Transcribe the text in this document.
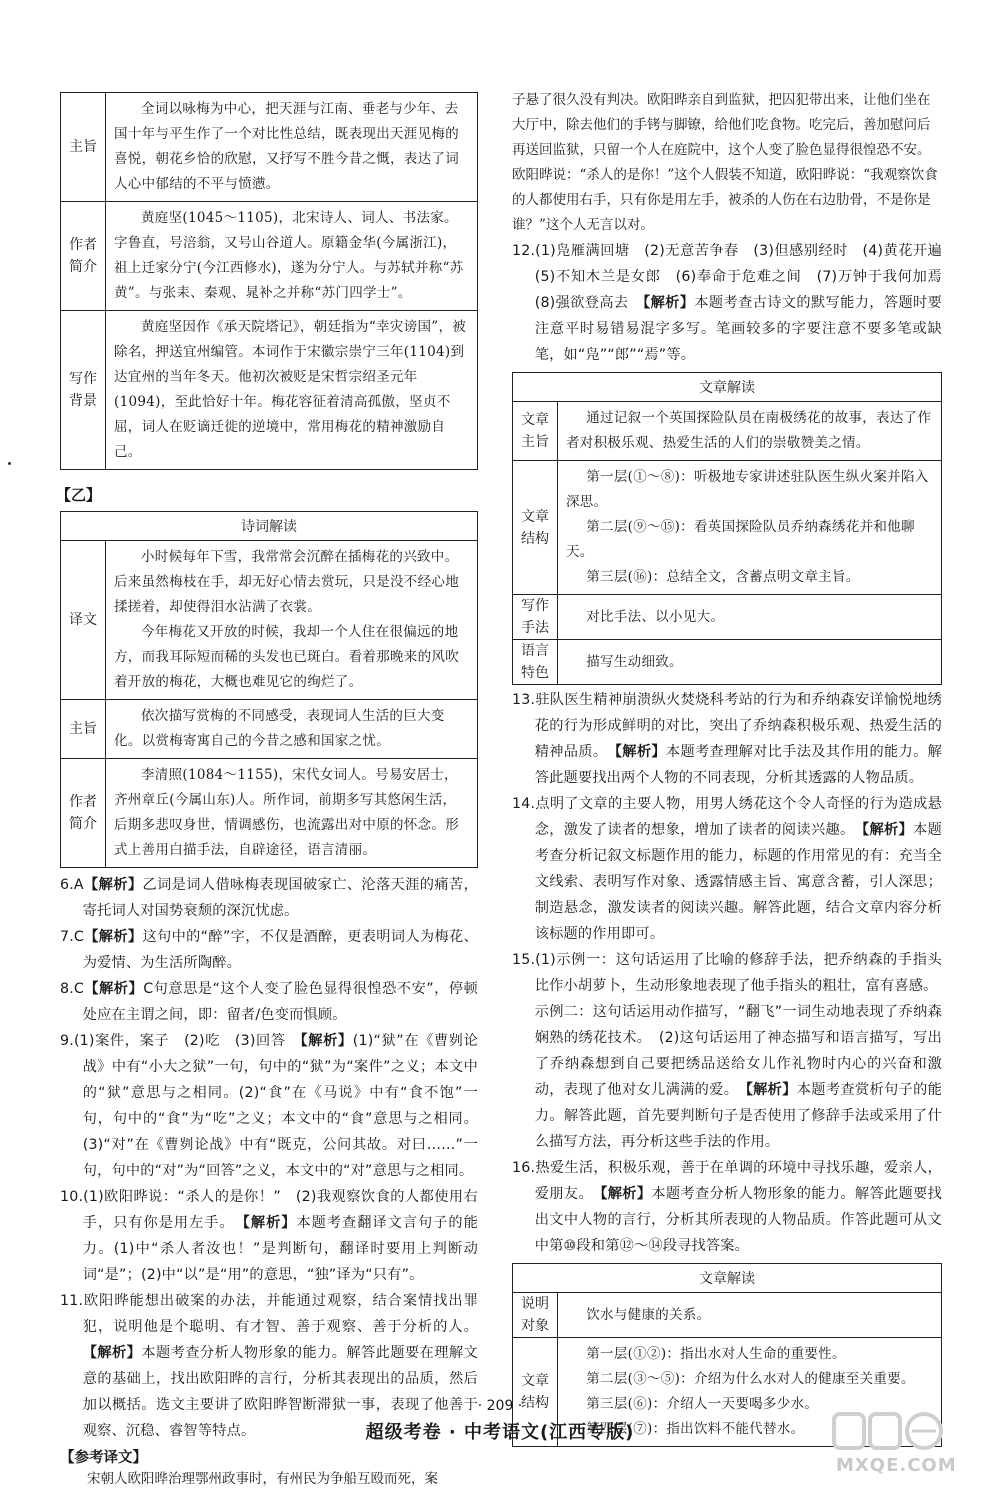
主旨	全词以咏梅为中心，把天涯与江南、垂老与少年、去国十年与平生作了一个对比性总结，既表现出天涯见梅的喜悦，朝花乡恰的欣慰，又抒写不胜今昔之慨，表达了词人心中郁结的不平与愤懑。

作者简介	黄庭坚(1045～1105)，北宋诗人、词人、书法家。字鲁直，号涪翁，又号山谷道人。原籍金华(今属浙江)，祖上迁家分宁(今江西修水)，遂为分宁人。与苏轼并称“苏黄”。与张耒、秦观、晁补之并称“苏门四学士”。

写作背景	黄庭坚因作《承天院塔记》，朝廷指为“幸灾谤国”，被除名，押送宜州编管。本词作于宋徽宗崇宁三年(1104)到达宜州的当年冬天。他初次被贬是宋哲宗绍圣元年(1094)，至此恰好十年。梅花容征着清高孤傲，坚贞不屈，词人在贬谪迁徙的逆境中，常用梅花的精神激励自己。

【乙】
诗词解读	
译文	小时候每年下雪，我常常会沉醉在插梅花的兴致中。后来虽然梅枝在手，却无好心情去赏玩，只是没不经心地揉搓着，却使得泪水沾满了衣裳。

今年梅花又开放的时候，我却一个人住在很偏远的地方，而我耳际短而稀的头发也已斑白。看着那晚来的风吹着开放的梅花，大概也难见它的绚烂了。

主旨	依次描写赏梅的不同感受，表现词人生活的巨大变化。以赏梅寄寓自己的今昔之感和国家之忧。

作者简介	李清照(1084～1155)，宋代女词人。号易安居士，齐州章丘(今属山东)人。所作词，前期多写其悠闲生活，后期多悲叹身世，情调感伤，也流露出对中原的怀念。形式上善用白描手法，自辟途径，语言清丽。

6.A【解析】乙词是词人借咏梅表现国破家亡、沦落天涯的痛苦，寄托词人对国势衰颓的深沉忧虑。

7.C【解析】这句中的“醉”字，不仅是酒醉，更表明词人为梅花、为爱情、为生活所陶醉。

8.C【解析】C句意思是“这个人变了脸色显得很惶恐不安”，停顿处应在主谓之间，即：留者/色变而惧顾。

9.(1)案件，案子　(2)吃　(3)回答　【解析】(1)“狱”在《曹刿论战》中有“小大之狱”一句，句中的“狱”为“案件”之义；本文中的“狱”意思与之相同。(2)“食”在《马说》中有“食不饱”一句，句中的“食”为“吃”之义；本文中的“食”意思与之相同。(3)“对”在《曹刿论战》中有“既克，公问其故。对曰……”一句，句中的“对”为“回答”之义，本文中的“对”意思与之相同。

10.(1)欧阳晔说：“杀人的是你！”　(2)我观察饮食的人都使用右手，只有你是用左手。　【解析】本题考查翻译文言句子的能力。(1)中“杀人者汝也！”是判断句，翻译时要用上判断动词“是”；(2)中“以”是“用”的意思，“独”译为“只有”。

11.欧阳晔能想出破案的办法，并能通过观察，结合案情找出罪犯，说明他是个聪明、有才智、善于观察、善于分析的人。【解析】本题考查分析人物形象的能力。解答此题要在理解文意的基础上，找出欧阳晔的言行，分析其表现出的品质，然后加以概括。选文主要讲了欧阳晔智断滞狱一事，表现了他善于观察、沉稳、睿智等特点。

【参考译文】

宋朝人欧阳晔治理鄂州政事时，有州民为争船互殴而死，案

子悬了很久没有判决。欧阳晔亲自到监狱，把囚犯带出来，让他们坐在大厅中，除去他们的手铐与脚镣，给他们吃食物。吃完后，善加慰问后再送回监狱，只留一个人在庭院中，这个人变了脸色显得很惶恐不安。欧阳晔说：“杀人的是你！”这个人假装不知道，欧阳晔说：“我观察饮食的人都使用右手，只有你是用左手，被杀的人伤在右边肋骨，不是你是谁？”这个人无言以对。

12.(1)凫雁满回塘　(2)无意苦争春　(3)但感别经时　(4)黄花开遍　(5)不知木兰是女郎　(6)奉命于危难之间　(7)万钟于我何加焉　(8)强欲登高去　【解析】本题考查古诗文的默写能力，答题时要注意平时易错易混字多写。笔画较多的字要注意不要多笔或缺笔，如“凫”“郎”“焉”等。

文章解读	
文章主旨	通过记叙一个英国探险队员在南极绣花的故事，表达了作者对积极乐观、热爱生活的人们的崇敬赞美之情。

文章结构	第一层(①～⑧)：听极地专家讲述驻队医生纵火案并陷入深思。

第二层(⑨～⑮)：看英国探险队员乔纳森绣花并和他聊天。

第三层(⑯)：总结全文，含蓄点明文章主旨。

写作手法	对比手法、以小见大。

语言特色	描写生动细致。

13.驻队医生精神崩溃纵火焚烧科考站的行为和乔纳森安详愉悦地绣花的行为形成鲜明的对比，突出了乔纳森积极乐观、热爱生活的精神品质。　【解析】本题考查理解对比手法及其作用的能力。解答此题要找出两个人物的不同表现，分析其透露的人物品质。

14.点明了文章的主要人物，用男人绣花这个令人奇怪的行为造成悬念，激发了读者的想象，增加了读者的阅读兴趣。　【解析】本题考查分析记叙文标题作用的能力，标题的作用常见的有：充当全文线索、表明写作对象、透露情感主旨、寓意含蓄，引人深思；制造悬念，激发读者的阅读兴趣。解答此题，结合文章内容分析该标题的作用即可。

15.(1)示例一：这句话运用了比喻的修辞手法，把乔纳森的手指头比作小胡萝卜，生动形象地表现了他手指头的粗壮，富有喜感。

示例二：这句话运用动作描写，“翻飞”一词生动地表现了乔纳森娴熟的绣花技术。　(2)这句话运用了神态描写和语言描写，写出了乔纳森想到自己要把绣品送给女儿作礼物时内心的兴奋和激动，表现了他对女儿满满的爱。　【解析】本题考查赏析句子的能力。解答此题，首先要判断句子是否使用了修辞手法或采用了什么描写方法，再分析这些手法的作用。

16.热爱生活，积极乐观，善于在单调的环境中寻找乐趣，爱亲人，爱朋友。　【解析】本题考查分析人物形象的能力。解答此题要找出文中人物的言行，分析其所表现的人物品质。作答此题可从文中第⑩段和第⑫～⑭段寻找答案。

文章解读	
说明对象	饮水与健康的关系。

文章结构	第一层(①②)：指出水对人生命的重要性。

第二层(③～⑤)：介绍为什么水对人的健康至关重要。

第三层(⑥)：介绍人一天要喝多少水。

第四层(⑦)：指出饮料不能代替水。

· 209 ·
超级考卷 · 中考语文(江西专版)
MXQE.COM
